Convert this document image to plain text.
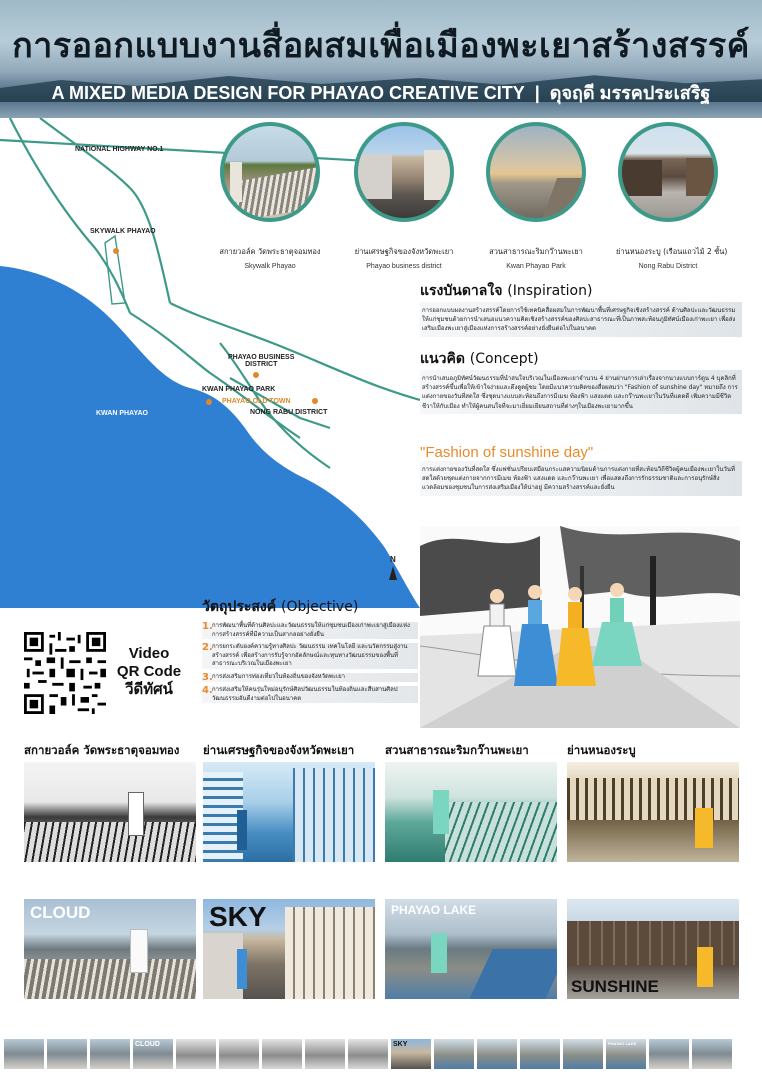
การออกแบบงานสื่อผสมเพื่อเมืองพะเยาสร้างสรรค์
A MIXED MEDIA DESIGN FOR PHAYAO CREATIVE CITY | ดุจฤดี มรรคประเสริฐ
NATIONAL HIGHWAY NO.1
SKYWALK PHAYAO
PHAYAO BUSINESS
DISTRICT
KWAN PHAYAO PARK
PHAYAO OLD TOWN
NONG RABU DISTRICT
KWAN PHAYAO
N
สกายวอล์ค วัดพระธาตุจอมทอง
Skywalk Phayao
ย่านเศรษฐกิจของจังหวัดพะเยา
Phayao business district
สวนสาธารณะริมกว๊านพะเยา
Kwan Phayao Park
ย่านหนองระบู (เรือนแถวไม้ 2 ชั้น)
Nong Rabu District
แรงบันดาลใจ (Inspiration)

การออกแบบผลงานสร้างสรรค์โดยการใช้เทคนิคสื่อผสมในการพัฒนาพื้นที่เศรษฐกิจเชิงสร้างสรรค์ ด้านศิลปะและวัฒนธรรมให้แก่ชุมชนด้วยการนำเสนอแนวความคิดเชิงสร้างสรรค์ของศิลปะสาธารณะที่เป็นภาพสะท้อนภูมิทัศน์เมืองเก่าพะเยา เพื่อส่งเสริมเมืองพะเยาสู่เมืองแห่งการสร้างสรรค์อย่างยั่งยืนต่อไปในอนาคต

แนวคิด (Concept)

การนำเสนอภูมิทัศน์วัฒนธรรมที่นำสนใจบริเวณในเมืองพะเยาจำนวน 4 ย่านผ่านการเล่าเรื่องจากนางแบบการ์ตูน 4 บุคลิกที่สร้างสรรค์ขึ้นเพื่อให้เข้าใจง่ายและดึงดูดผู้ชม โดยมีแนวความคิดของสื่อผสมว่า "Fashion of sunshine day" หมายถึง การแต่งกายของวันที่สดใส ซึ่งชุดนางแบบสะท้อนถึงการมีเมฆ ท้องฟ้า แสงแดด และกว๊านพะเยาในวันที่แดดดี เพิ่มความมีชีวิตชีวาให้กับเมือง ทำให้ผู้คนสนใจที่จะมาเยี่ยมเยียนสถานที่ต่างๆในเมืองพะเยามากขึ้น

"Fashion of sunshine day"

การแต่งกายของวันที่สดใส ซึ่งแฟชั่นเปรียบเสมือนกระแสความนิยมด้านการแต่งกายที่สะท้อนวิถีชีวิตผู้คนเมืองพะเยาในวันที่สดใสด้วยชุดแต่งกายจากการมีเมฆ ท้องฟ้า แสงแดด และกว๊านพะเยา เพื่อแสดงถึงการรักธรรมชาติและการอนุรักษ์สิ่งแวดล้อมของชุมชนในการส่งเสริมเมืองให้น่าอยู่ มีความสร้างสรรค์และยั่งยืน

วัตถุประสงค์ (Objective)
1. การพัฒนาพื้นที่ด้านศิลปะและวัฒนธรรมให้แก่ชุมชนเมืองเก่าพะเยาสู่เมืองแห่งการสร้างสรรค์ที่มีความเป็นสากลอย่างยั่งยืน
2. การยกระดับองค์ความรู้ทางศิลปะ วัฒนธรรม เทคโนโลยี และนวัตกรรมสู่งานสร้างสรรค์ เพื่อสร้างการรับรู้จากอัตลักษณ์และทุนทางวัฒนธรรมของพื้นที่สาธารณะบริเวณในเมืองพะเยา
3. การส่งเสริมการท่องเที่ยวในท้องถิ่นของจังหวัดพะเยา
4. การส่งเสริมให้คนรุ่นใหม่อนุรักษ์ศิลปวัฒนธรรมในท้องถิ่นและสืบสานศิลปวัฒนธรรมอันดีงามต่อไปในอนาคต
Video
QR Code
วีดีทัศน์
สกายวอล์ค วัดพระธาตุจอมทอง ย่านเศรษฐกิจของจังหวัดพะเยา	สวนสาธารณะริมกว๊านพะเยา	ย่านหนองระบู
CLOUD	SKY	PHAYAO LAKE
SUNSHINE
CLOUD	SKY	PHAYAO LAKE
